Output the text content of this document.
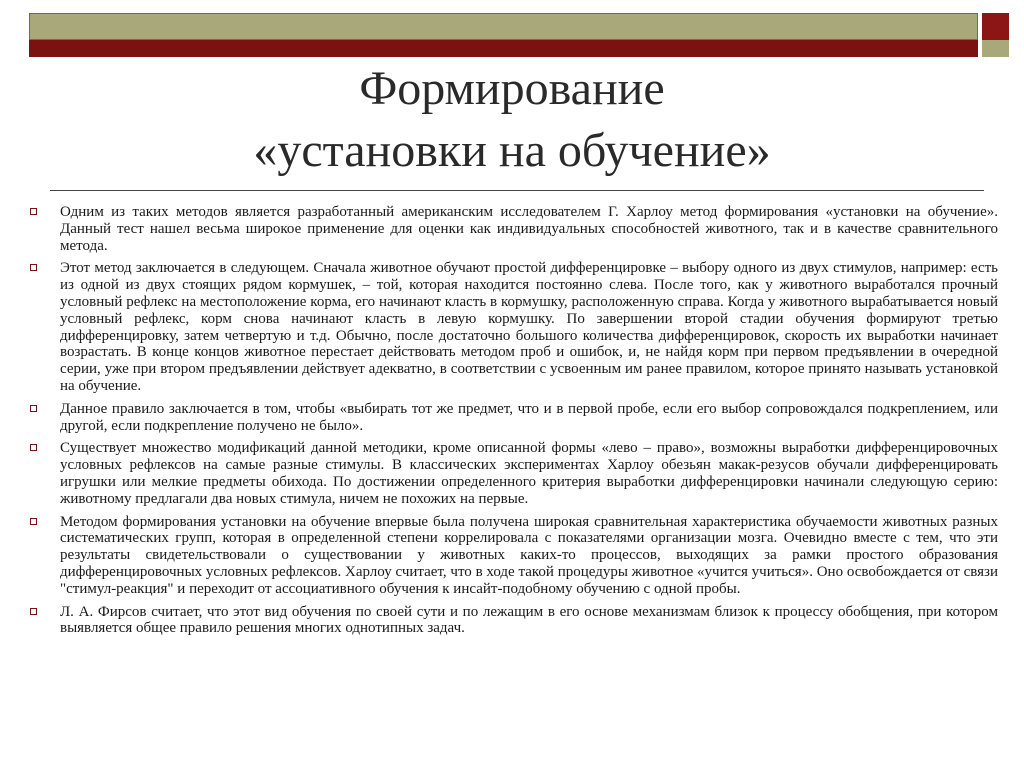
Формирование
«установки на обучение»
Одним из таких методов является разработанный американским исследователем Г. Харлоу метод формирования «установки на обучение». Данный тест нашел весьма широкое применение для оценки как индивидуальных способностей животного, так и в качестве сравнительного метода.
Этот метод заключается в следующем. Сначала животное обучают простой дифференцировке – выбору одного из двух стимулов, например: есть из одной из двух стоящих рядом кормушек, – той, которая находится постоянно слева. После того, как у животного выработался прочный условный рефлекс на местоположение корма, его начинают класть в кормушку, расположенную справа. Когда у животного вырабатывается новый условный рефлекс, корм снова начинают класть в левую кормушку. По завершении второй стадии обучения формируют третью дифференцировку, затем четвертую и т.д. Обычно, после достаточно большого количества дифференцировок, скорость их выработки начинает возрастать. В конце концов животное перестает действовать методом проб и ошибок, и, не найдя корм при первом предъявлении в очередной серии, уже при втором предъявлении действует адекватно, в соответствии с усвоенным им ранее правилом, которое принято называть установкой на обучение.
Данное правило заключается в том, чтобы «выбирать тот же предмет, что и в первой пробе, если его выбор сопровождался подкреплением, или другой, если подкрепление получено не было».
Существует множество модификаций данной методики, кроме описанной формы «лево – право», возможны выработки дифференцировочных условных рефлексов на самые разные стимулы. В классических экспериментах Харлоу обезьян макак-резусов обучали дифференцировать игрушки или мелкие предметы обихода. По достижении определенного критерия выработки дифференцировки начинали следующую серию: животному предлагали два новых стимула, ничем не похожих на первые.
Методом формирования установки на обучение впервые была получена широкая сравнительная характеристика обучаемости животных разных систематических групп, которая в определенной степени коррелировала с показателями организации мозга. Очевидно вместе с тем, что эти результаты свидетельствовали о существовании у животных каких-то процессов, выходящих за рамки простого образования дифференцировочных условных рефлексов. Харлоу считает, что в ходе такой процедуры животное «учится учиться». Оно освобождается от связи "стимул-реакция" и переходит от ассоциативного обучения к инсайт-подобному обучению с одной пробы.
Л. А. Фирсов считает, что этот вид обучения по своей сути и по лежащим в его основе механизмам близок к процессу обобщения, при котором выявляется общее правило решения многих однотипных задач.
